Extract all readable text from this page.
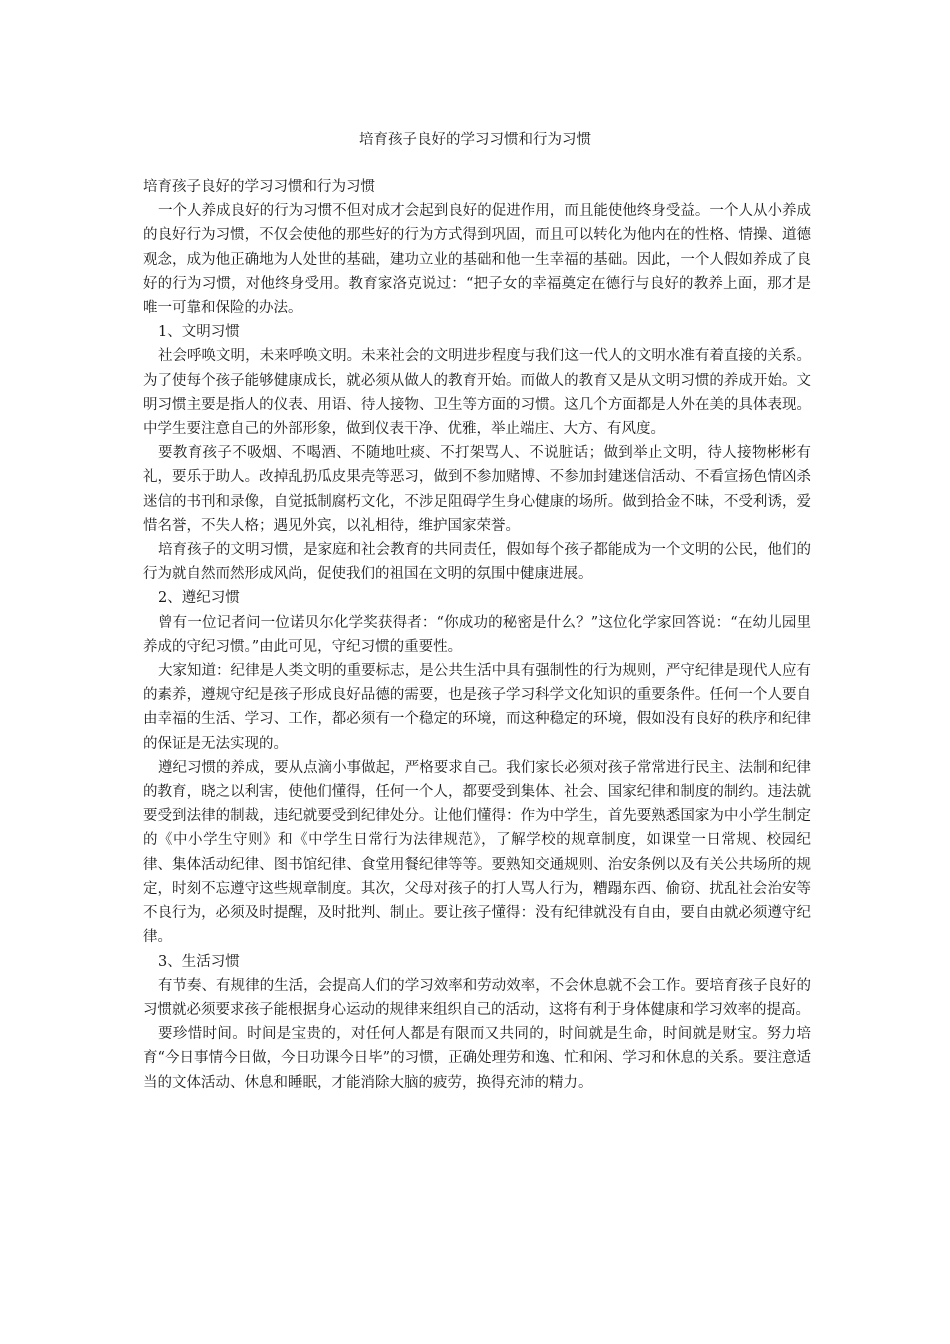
培育孩子良好的学习习惯和行为习惯

培育孩子良好的学习习惯和行为习惯

一个人养成良好的行为习惯不但对成才会起到良好的促进作用，而且能使他终身受益。一个人从小养成的良好行为习惯，不仅会使他的那些好的行为方式得到巩固，而且可以转化为他内在的性格、情操、道德观念，成为他正确地为人处世的基础，建功立业的基础和他一生幸福的基础。因此，一个人假如养成了良好的行为习惯，对他终身受用。教育家洛克说过：“把子女的幸福奠定在德行与良好的教养上面，那才是唯一可靠和保险的办法。

1、文明习惯

社会呼唤文明，未来呼唤文明。未来社会的文明进步程度与我们这一代人的文明水准有着直接的关系。为了使每个孩子能够健康成长，就必须从做人的教育开始。而做人的教育又是从文明习惯的养成开始。文明习惯主要是指人的仪表、用语、待人接物、卫生等方面的习惯。这几个方面都是人外在美的具体表现。中学生要注意自己的外部形象，做到仪表干净、优雅，举止端庄、大方、有风度。

要教育孩子不吸烟、不喝酒、不随地吐痰、不打架骂人、不说脏话；做到举止文明，待人接物彬彬有礼，要乐于助人。改掉乱扔瓜皮果壳等恶习，做到不参加赌博、不参加封建迷信活动、不看宣扬色情凶杀迷信的书刊和录像，自觉抵制腐朽文化，不涉足阻碍学生身心健康的场所。做到拾金不昧，不受利诱，爱惜名誉，不失人格；遇见外宾，以礼相待，维护国家荣誉。

培育孩子的文明习惯，是家庭和社会教育的共同责任，假如每个孩子都能成为一个文明的公民，他们的行为就自然而然形成风尚，促使我们的祖国在文明的氛围中健康进展。

2、遵纪习惯

曾有一位记者问一位诺贝尔化学奖获得者：“你成功的秘密是什么？”这位化学家回答说：“在幼儿园里养成的守纪习惯。”由此可见，守纪习惯的重要性。

大家知道：纪律是人类文明的重要标志，是公共生活中具有强制性的行为规则，严守纪律是现代人应有的素养，遵规守纪是孩子形成良好品德的需要，也是孩子学习科学文化知识的重要条件。任何一个人要自由幸福的生活、学习、工作，都必须有一个稳定的环境，而这种稳定的环境，假如没有良好的秩序和纪律的保证是无法实现的。

遵纪习惯的养成，要从点滴小事做起，严格要求自己。我们家长必须对孩子常常进行民主、法制和纪律的教育，晓之以利害，使他们懂得，任何一个人，都要受到集体、社会、国家纪律和制度的制约。违法就要受到法律的制裁，违纪就要受到纪律处分。让他们懂得：作为中学生，首先要熟悉国家为中小学生制定的《中小学生守则》和《中学生日常行为法律规范》，了解学校的规章制度，如课堂一日常规、校园纪律、集体活动纪律、图书馆纪律、食堂用餐纪律等等。要熟知交通规则、治安条例以及有关公共场所的规定，时刻不忘遵守这些规章制度。其次，父母对孩子的打人骂人行为，糟蹋东西、偷窃、扰乱社会治安等不良行为，必须及时提醒，及时批判、制止。要让孩子懂得：没有纪律就没有自由，要自由就必须遵守纪律。

3、生活习惯

有节奏、有规律的生活，会提高人们的学习效率和劳动效率，不会休息就不会工作。要培育孩子良好的习惯就必须要求孩子能根据身心运动的规律来组织自己的活动，这将有利于身体健康和学习效率的提高。

要珍惜时间。时间是宝贵的，对任何人都是有限而又共同的，时间就是生命，时间就是财宝。努力培育“今日事情今日做，今日功课今日毕”的习惯，正确处理劳和逸、忙和闲、学习和休息的关系。要注意适当的文体活动、休息和睡眠，才能消除大脑的疲劳，换得充沛的精力。
